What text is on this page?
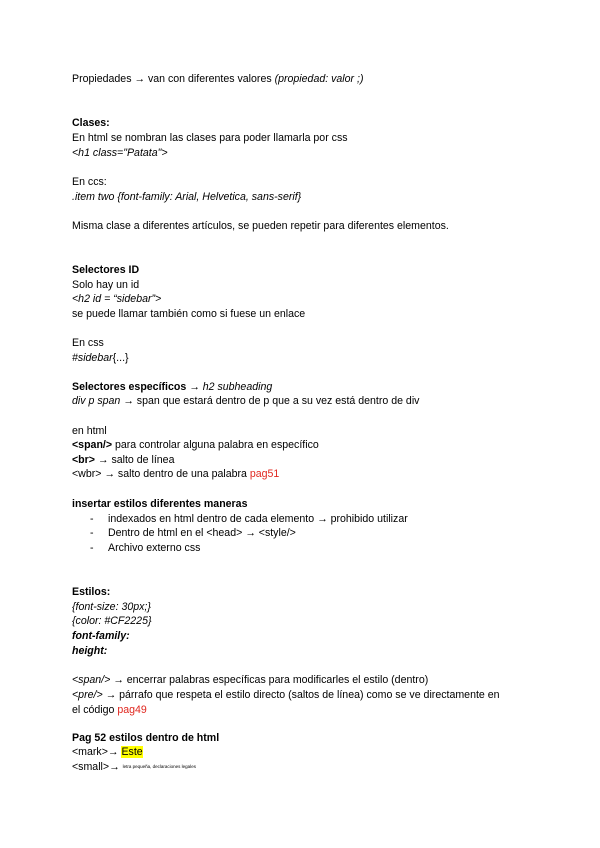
Propiedades → van con diferentes valores (propiedad: valor ;)
Clases:
En html se nombran las clases para poder llamarla por css
<h1 class="Patata">
En ccs:
.item two {font-family: Arial, Helvetica, sans-serif}
Misma clase a diferentes artículos, se pueden repetir para diferentes elementos.
Selectores ID
Solo hay un id
<h2 id = “sidebar”>
se puede llamar también como si fuese un enlace
En css
#sidebar{...}
Selectores específicos → h2 subheading
div p span → span que estará dentro de p que a su vez está dentro de div
en html
<span/> para controlar alguna palabra en específico
<br> → salto de línea
<wbr> → salto dentro de una palabra pag51
insertar estilos diferentes maneras
- indexados en html dentro de cada elemento → prohibido utilizar
- Dentro de html en el <head> → <style/>
- Archivo externo css
Estilos:
{font-size: 30px;}
{color: #CF2225}
font-family:
height:
<span/> → encerrar palabras específicas para modificarles el estilo (dentro)
<pre/> → párrafo que respeta el estilo directo (saltos de línea) como se ve directamente en
el código pag49
Pag 52 estilos dentro de html
<mark>→ Este
<small>→ letra pequeña, declaraciones legales
